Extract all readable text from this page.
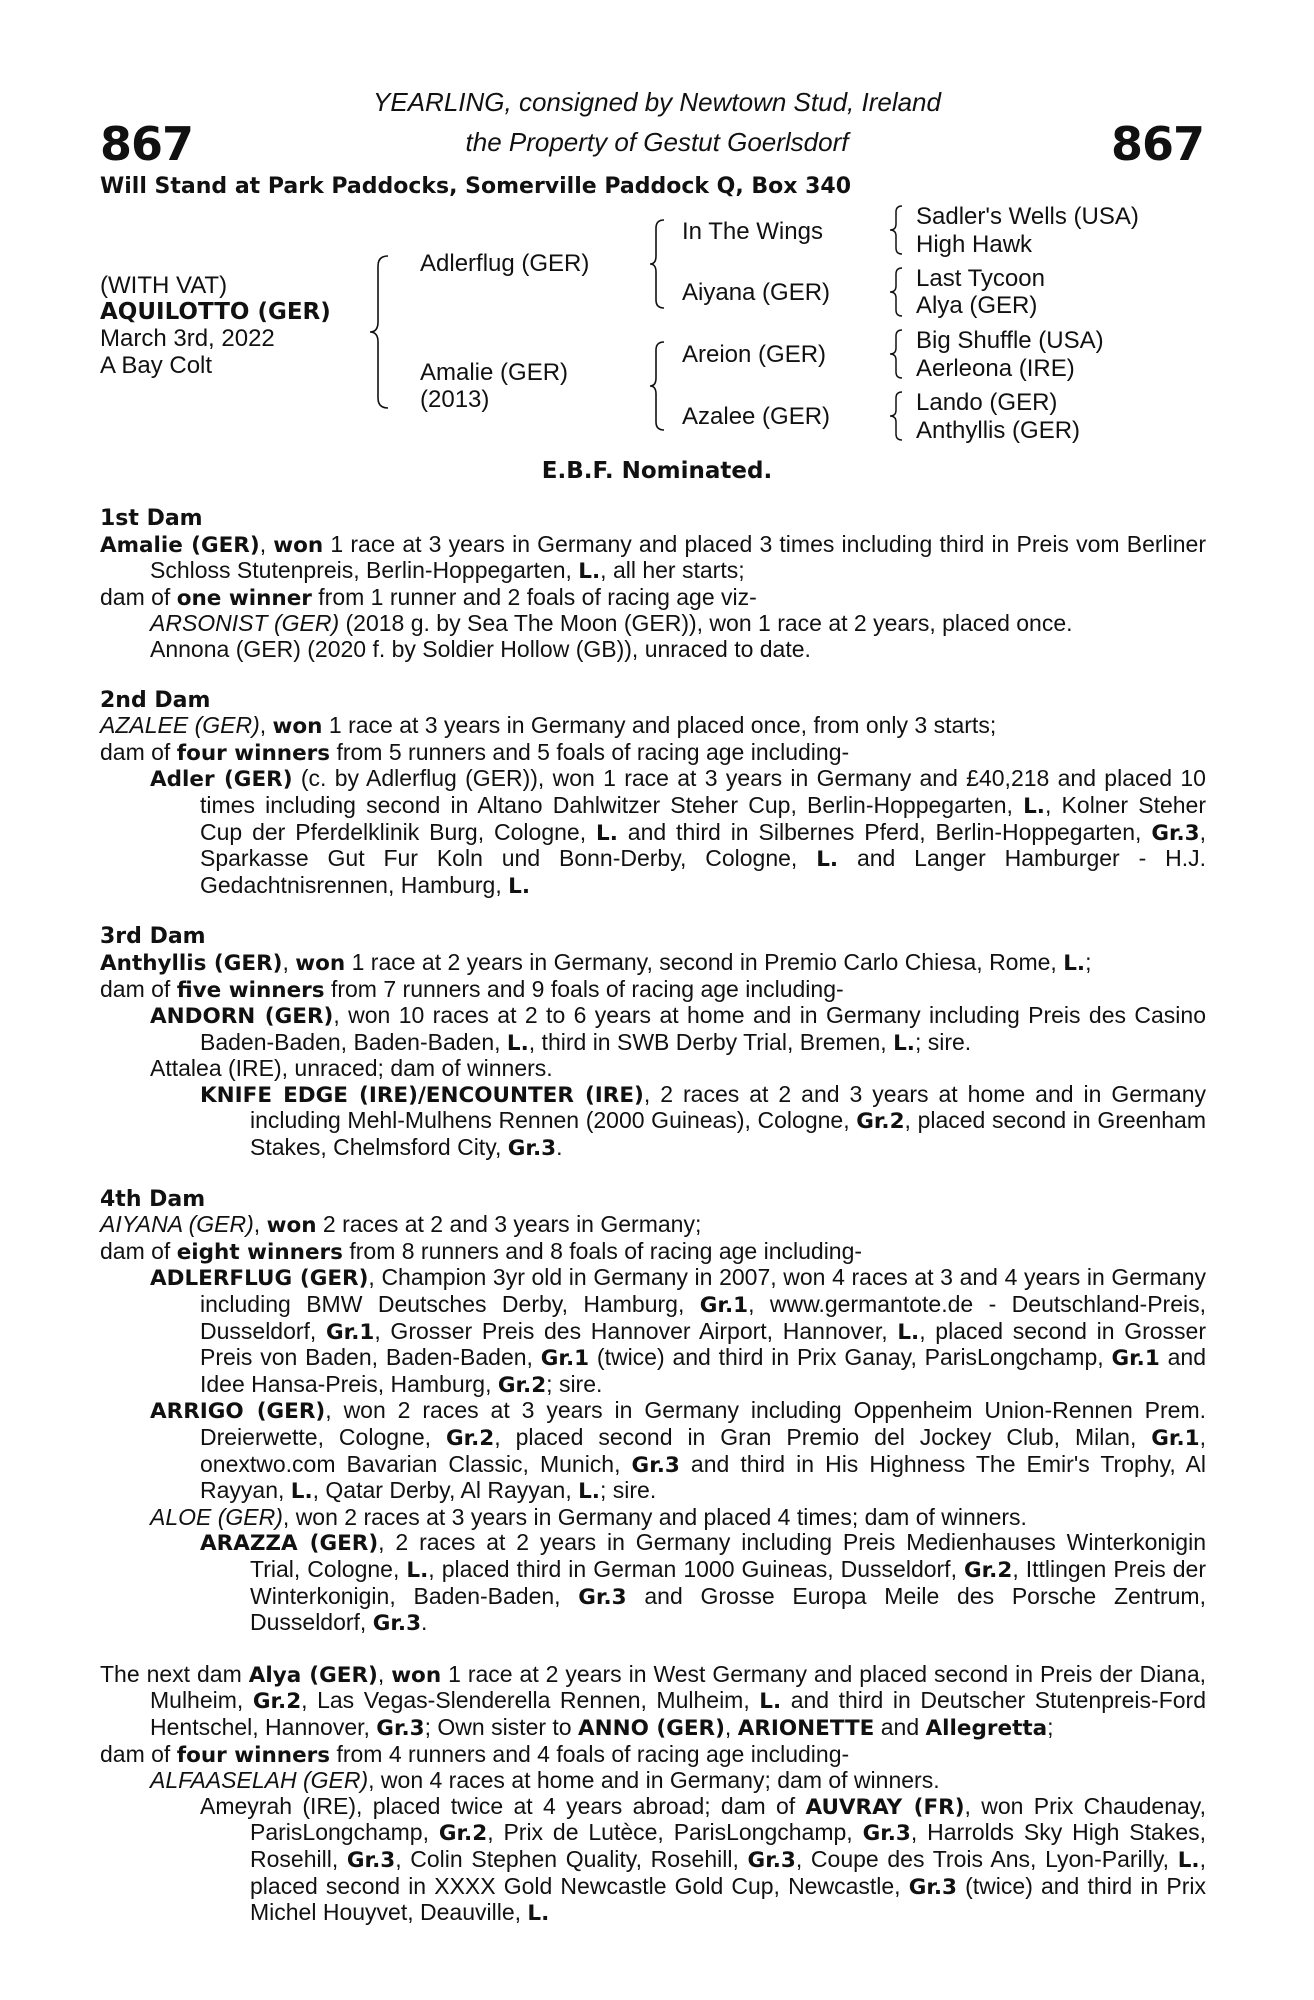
867	867
YEARLING, consigned by Newtown Stud, Ireland
the Property of Gestut Goerlsdorf
Will Stand at Park Paddocks, Somerville Paddock Q, Box 340
(WITH VAT)
AQUILOTTO (GER)
March 3rd, 2022
A Bay Colt
Adlerflug (GER)
Amalie (GER)
(2013)
In The Wings
Aiyana (GER)
Areion (GER)
Azalee (GER)
Sadler's Wells (USA)
High Hawk
Last Tycoon
Alya (GER)
Big Shuffle (USA)
Aerleona (IRE)
Lando (GER)
Anthyllis (GER)
E.B.F. Nominated.

1st Dam

Amalie (GER), won 1 race at 3 years in Germany and placed 3 times including third in Preis vom Berliner Schloss Stutenpreis, Berlin-Hoppegarten, L., all her starts;

dam of one winner from 1 runner and 2 foals of racing age viz-

ARSONIST (GER) (2018 g. by Sea The Moon (GER)), won 1 race at 2 years, placed once.

Annona (GER) (2020 f. by Soldier Hollow (GB)), unraced to date.

2nd Dam

AZALEE (GER), won 1 race at 3 years in Germany and placed once, from only 3 starts;

dam of four winners from 5 runners and 5 foals of racing age including-

Adler (GER) (c. by Adlerflug (GER)), won 1 race at 3 years in Germany and £40,218 and placed 10 times including second in Altano Dahlwitzer Steher Cup, Berlin-Hoppegarten, L., Kolner Steher Cup der Pferdelklinik Burg, Cologne, L. and third in Silbernes Pferd, Berlin-Hoppegarten, Gr.3, Sparkasse Gut Fur Koln und Bonn-Derby, Cologne, L. and Langer Hamburger - H.J. Gedachtnisrennen, Hamburg, L.

3rd Dam

Anthyllis (GER), won 1 race at 2 years in Germany, second in Premio Carlo Chiesa, Rome, L.;

dam of five winners from 7 runners and 9 foals of racing age including-

ANDORN (GER), won 10 races at 2 to 6 years at home and in Germany including Preis des Casino Baden-Baden, Baden-Baden, L., third in SWB Derby Trial, Bremen, L.; sire.

Attalea (IRE), unraced; dam of winners.

KNIFE EDGE (IRE)/ENCOUNTER (IRE), 2 races at 2 and 3 years at home and in Germany including Mehl-Mulhens Rennen (2000 Guineas), Cologne, Gr.2, placed second in Greenham Stakes, Chelmsford City, Gr.3.

4th Dam

AIYANA (GER), won 2 races at 2 and 3 years in Germany;

dam of eight winners from 8 runners and 8 foals of racing age including-

ADLERFLUG (GER), Champion 3yr old in Germany in 2007, won 4 races at 3 and 4 years in Germany including BMW Deutsches Derby, Hamburg, Gr.1, www.germantote.de - Deutschland-Preis, Dusseldorf, Gr.1, Grosser Preis des Hannover Airport, Hannover, L., placed second in Grosser Preis von Baden, Baden-Baden, Gr.1 (twice) and third in Prix Ganay, ParisLongchamp, Gr.1 and Idee Hansa-Preis, Hamburg, Gr.2; sire.

ARRIGO (GER), won 2 races at 3 years in Germany including Oppenheim Union-Rennen Prem. Dreierwette, Cologne, Gr.2, placed second in Gran Premio del Jockey Club, Milan, Gr.1, onextwo.com Bavarian Classic, Munich, Gr.3 and third in His Highness The Emir's Trophy, Al Rayyan, L., Qatar Derby, Al Rayyan, L.; sire.

ALOE (GER), won 2 races at 3 years in Germany and placed 4 times; dam of winners.

ARAZZA (GER), 2 races at 2 years in Germany including Preis Medienhauses Winterkonigin Trial, Cologne, L., placed third in German 1000 Guineas, Dusseldorf, Gr.2, Ittlingen Preis der Winterkonigin, Baden-Baden, Gr.3 and Grosse Europa Meile des Porsche Zentrum, Dusseldorf, Gr.3.

The next dam Alya (GER), won 1 race at 2 years in West Germany and placed second in Preis der Diana, Mulheim, Gr.2, Las Vegas-Slenderella Rennen, Mulheim, L. and third in Deutscher Stutenpreis-Ford Hentschel, Hannover, Gr.3; Own sister to ANNO (GER), ARIONETTE and Allegretta;

dam of four winners from 4 runners and 4 foals of racing age including-

ALFAASELAH (GER), won 4 races at home and in Germany; dam of winners.

Ameyrah (IRE), placed twice at 4 years abroad; dam of AUVRAY (FR), won Prix Chaudenay, ParisLongchamp, Gr.2, Prix de Lutèce, ParisLongchamp, Gr.3, Harrolds Sky High Stakes, Rosehill, Gr.3, Colin Stephen Quality, Rosehill, Gr.3, Coupe des Trois Ans, Lyon-Parilly, L., placed second in XXXX Gold Newcastle Gold Cup, Newcastle, Gr.3 (twice) and third in Prix Michel Houyvet, Deauville, L.
